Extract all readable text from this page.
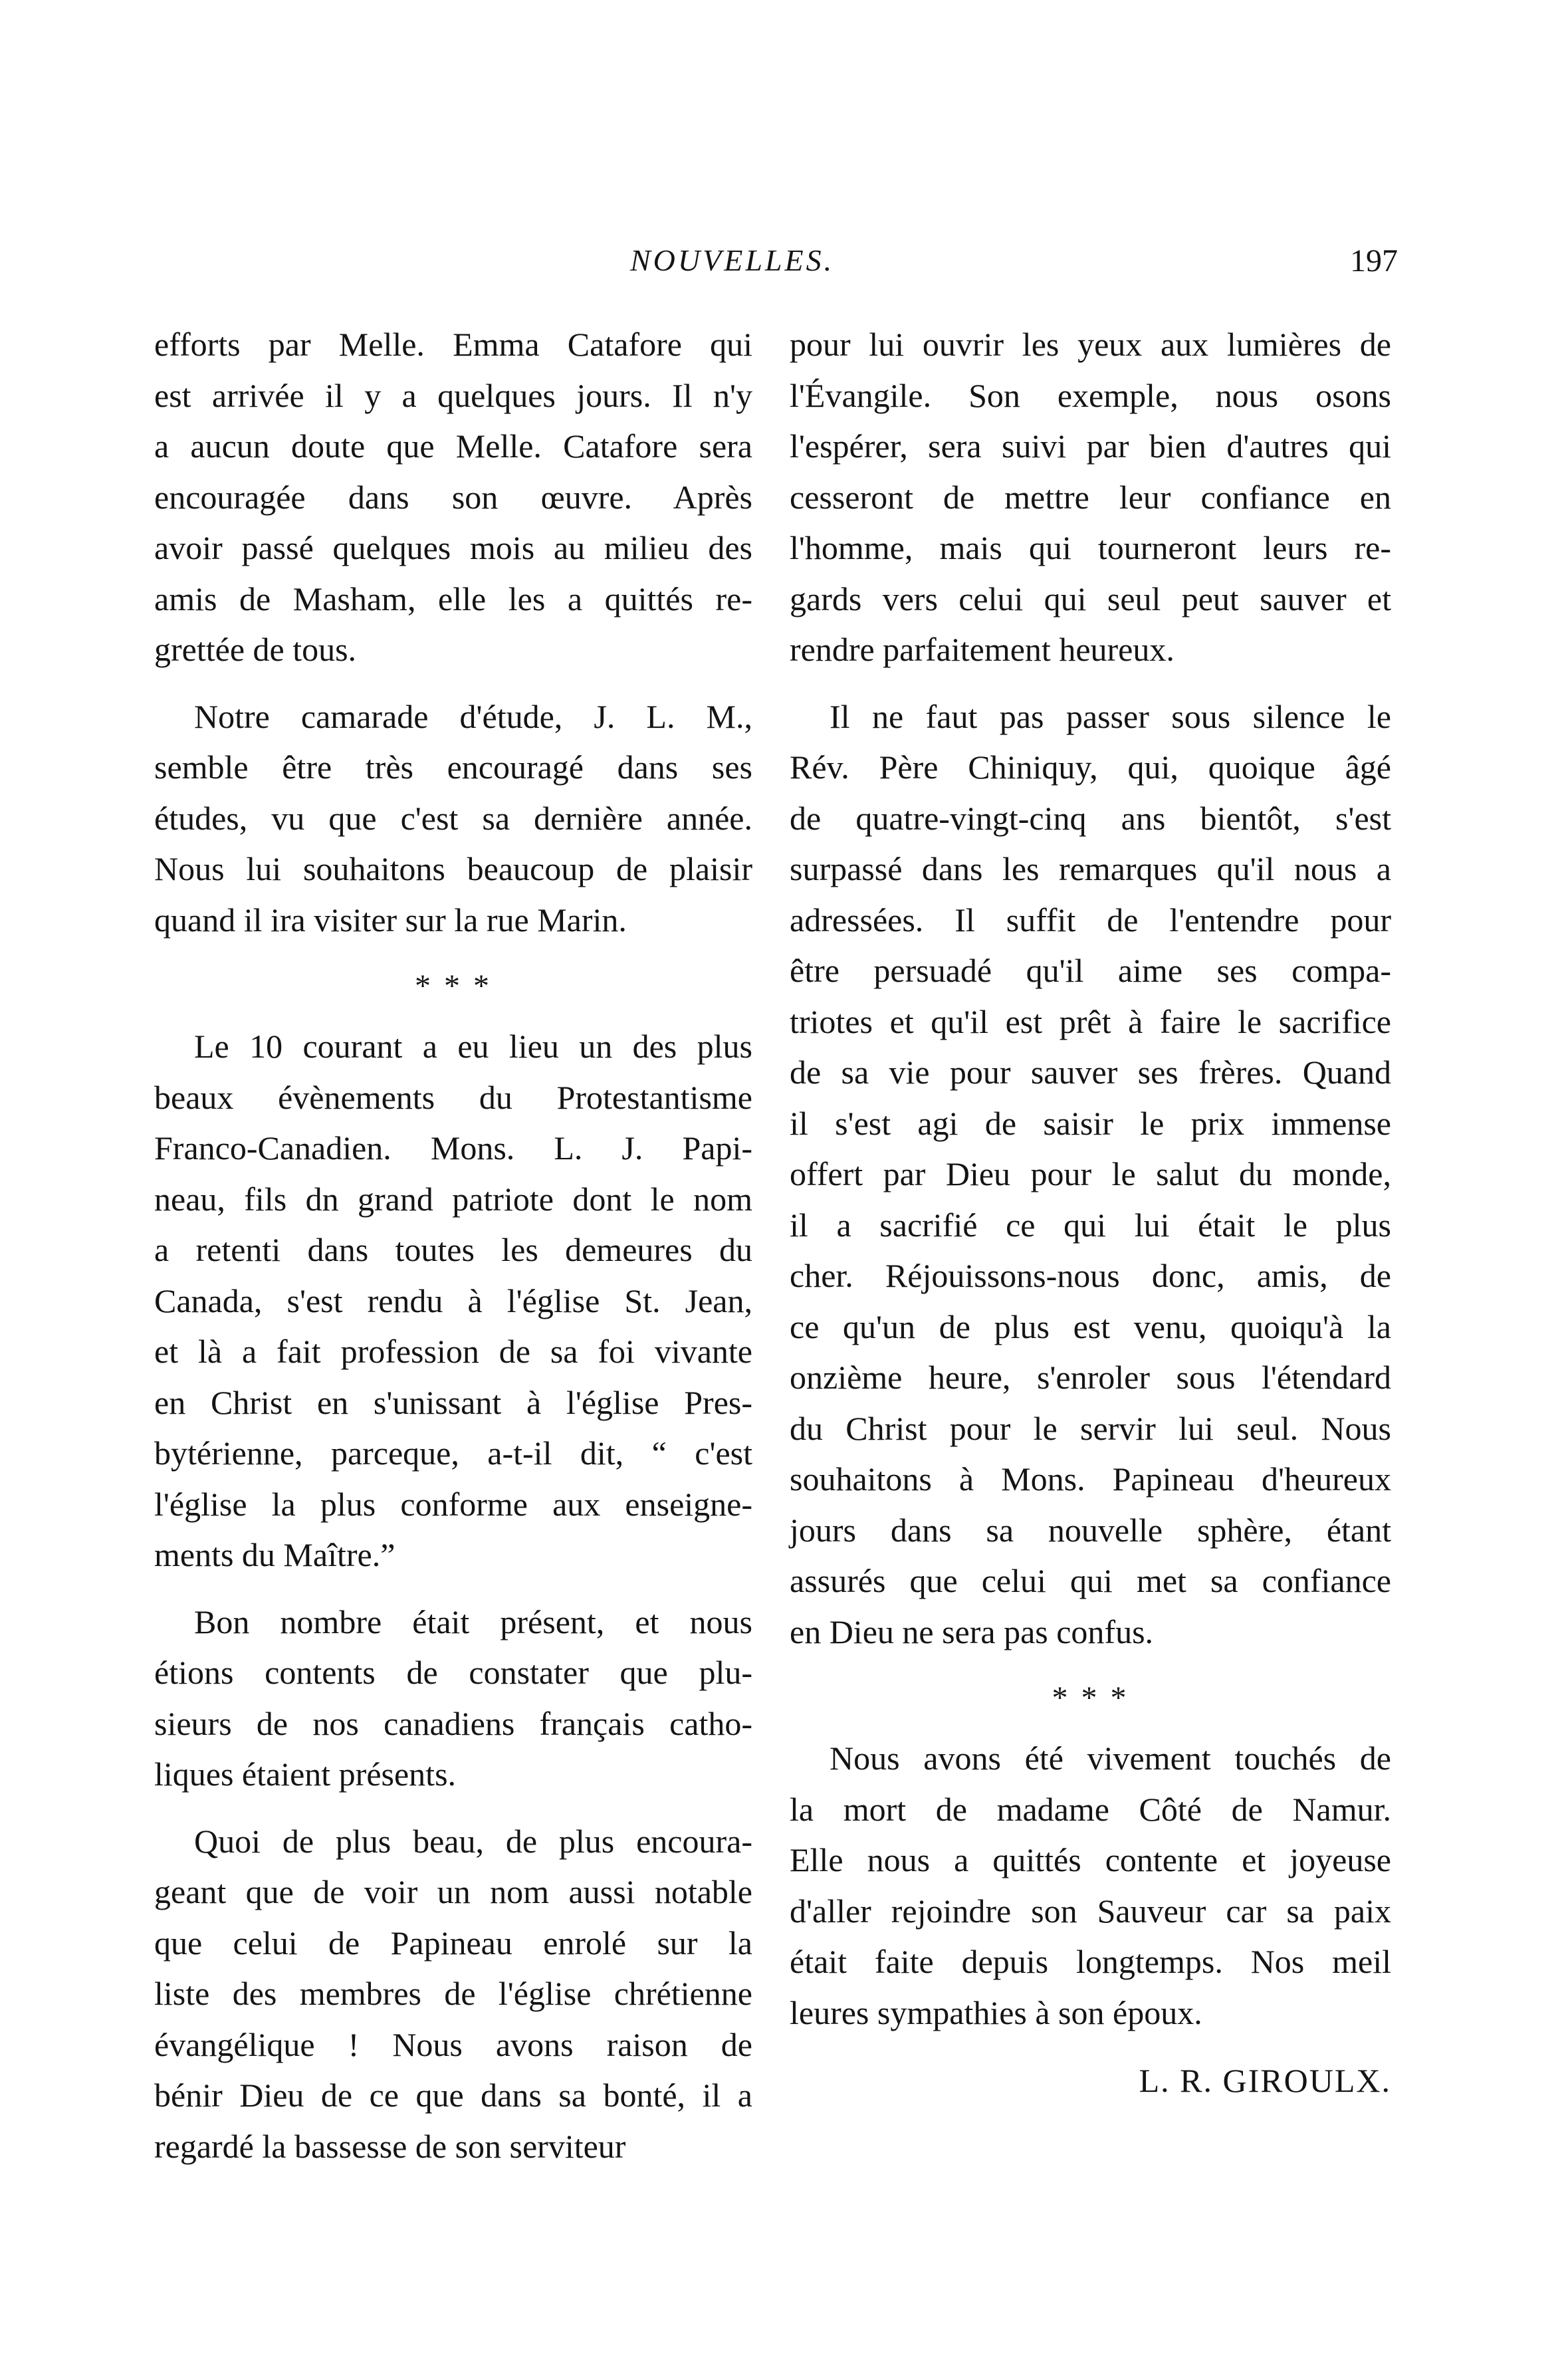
NOUVELLES.	197
efforts par Melle. Emma Catafore qui
est arrivée il y a quelques jours. Il n'y
a aucun doute que Melle. Catafore sera
encouragée dans son œuvre. Après
avoir passé quelques mois au milieu des
amis de Masham, elle les a quittés re-
grettée de tous.
Notre camarade d'étude, J. L. M.,
semble être très encouragé dans ses
études, vu que c'est sa dernière année.
Nous lui souhaitons beaucoup de plaisir
quand il ira visiter sur la rue Marin.
* * *
Le 10 courant a eu lieu un des plus
beaux évènements du Protestantisme
Franco-Canadien. Mons. L. J. Papi-
neau, fils dn grand patriote dont le nom
a retenti dans toutes les demeures du
Canada, s'est rendu à l'église St. Jean,
et là a fait profession de sa foi vivante
en Christ en s'unissant à l'église Pres-
bytérienne, parceque, a-t-il dit, “ c'est
l'église la plus conforme aux enseigne-
ments du Maître.”
Bon nombre était présent, et nous
étions contents de constater que plu-
sieurs de nos canadiens français catho-
liques étaient présents.
Quoi de plus beau, de plus encoura-
geant que de voir un nom aussi notable
que celui de Papineau enrolé sur la
liste des membres de l'église chrétienne
évangélique ! Nous avons raison de
bénir Dieu de ce que dans sa bonté, il a
regardé la bassesse de son serviteur
pour lui ouvrir les yeux aux lumières de
l'Évangile. Son exemple, nous osons
l'espérer, sera suivi par bien d'autres qui
cesseront de mettre leur confiance en
l'homme, mais qui tourneront leurs re-
gards vers celui qui seul peut sauver et
rendre parfaitement heureux.
Il ne faut pas passer sous silence le
Rév. Père Chiniquy, qui, quoique âgé
de quatre-vingt-cinq ans bientôt, s'est
surpassé dans les remarques qu'il nous a
adressées. Il suffit de l'entendre pour
être persuadé qu'il aime ses compa-
triotes et qu'il est prêt à faire le sacrifice
de sa vie pour sauver ses frères. Quand
il s'est agi de saisir le prix immense
offert par Dieu pour le salut du monde,
il a sacrifié ce qui lui était le plus
cher. Réjouissons-nous donc, amis, de
ce qu'un de plus est venu, quoiqu'à la
onzième heure, s'enroler sous l'étendard
du Christ pour le servir lui seul. Nous
souhaitons à Mons. Papineau d'heureux
jours dans sa nouvelle sphère, étant
assurés que celui qui met sa confiance
en Dieu ne sera pas confus.
* * *
Nous avons été vivement touchés de
la mort de madame Côté de Namur.
Elle nous a quittés contente et joyeuse
d'aller rejoindre son Sauveur car sa paix
était faite depuis longtemps. Nos meil
leures sympathies à son époux.
L. R. GIROULX.
